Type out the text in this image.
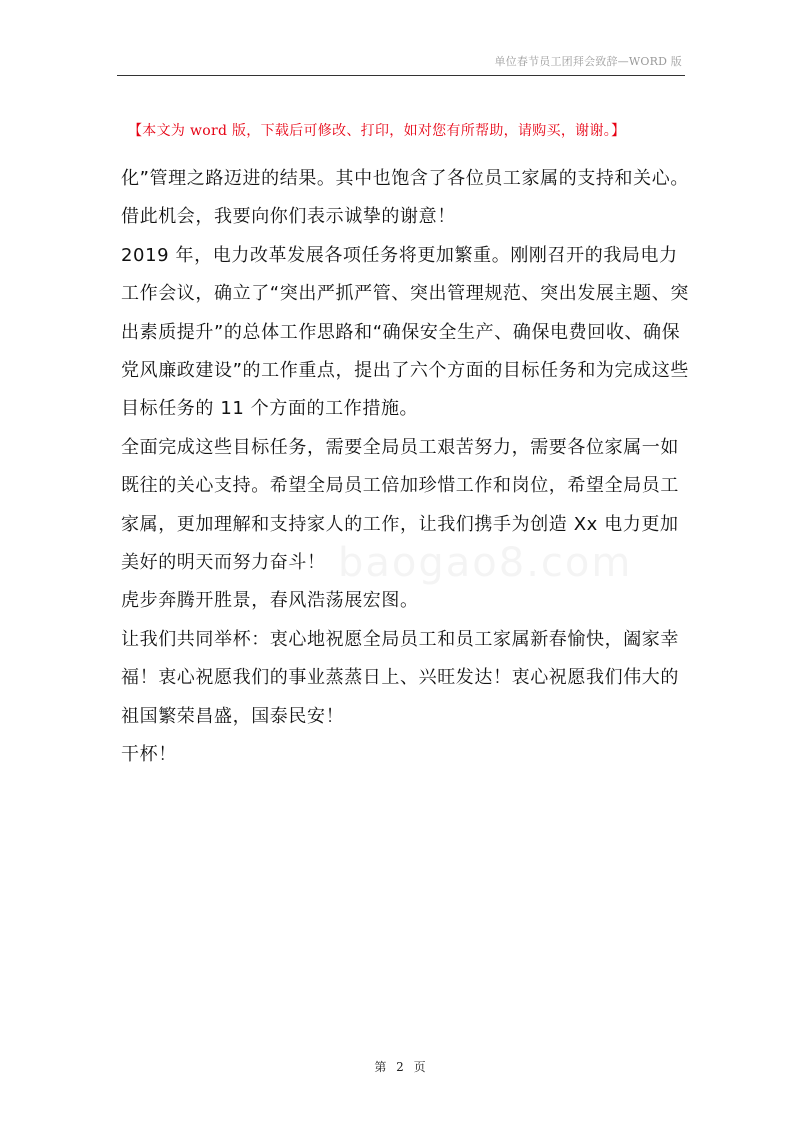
单位春节员工团拜会致辞—WORD 版
【本文为 word 版，下载后可修改、打印，如对您有所帮助，请购买，谢谢。】
baogao8.com

化”管理之路迈进的结果。其中也饱含了各位员工家属的支持和关心。借此机会，我要向你们表示诚挚的谢意！

2019 年，电力改革发展各项任务将更加繁重。刚刚召开的我局电力工作会议，确立了“突出严抓严管、突出管理规范、突出发展主题、突出素质提升”的总体工作思路和“确保安全生产、确保电费回收、确保党风廉政建设”的工作重点，提出了六个方面的目标任务和为完成这些目标任务的 11 个方面的工作措施。

全面完成这些目标任务，需要全局员工艰苦努力，需要各位家属一如既往的关心支持。希望全局员工倍加珍惜工作和岗位，希望全局员工家属，更加理解和支持家人的工作，让我们携手为创造 Xx 电力更加美好的明天而努力奋斗！

虎步奔腾开胜景，春风浩荡展宏图。

让我们共同举杯：衷心地祝愿全局员工和员工家属新春愉快，阖家幸福！衷心祝愿我们的事业蒸蒸日上、兴旺发达！衷心祝愿我们伟大的祖国繁荣昌盛，国泰民安！

干杯！

第 2 页
